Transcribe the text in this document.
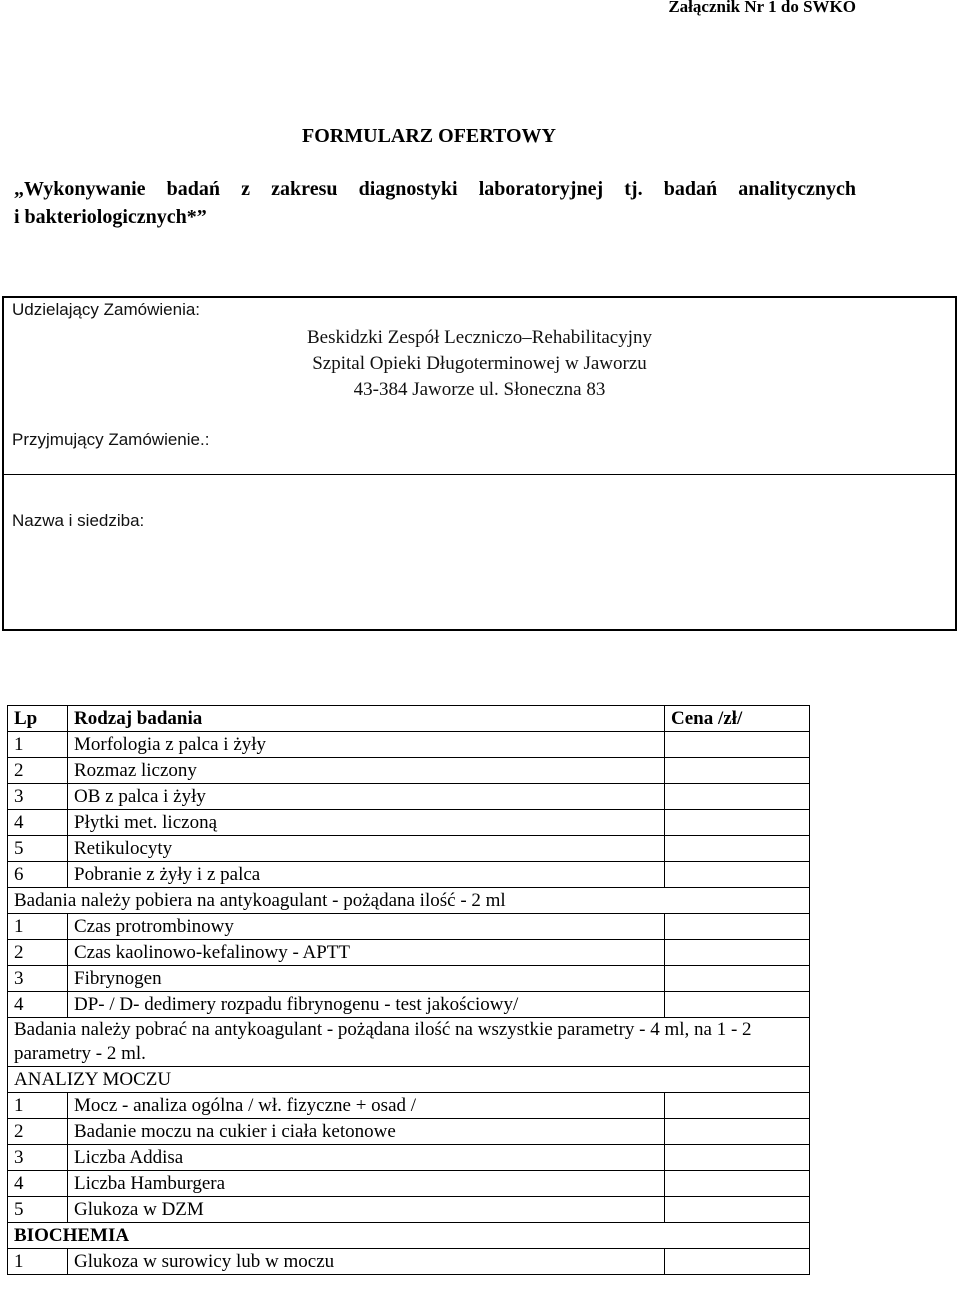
Załącznik Nr 1 do SWKO
FORMULARZ OFERTOWY
„Wykonywanie badań z zakresu diagnostyki laboratoryjnej tj. badań analitycznych
i bakteriologicznych*”
Udzielający Zamówienia:
Beskidzki Zespół Leczniczo–Rehabilitacyjny
Szpital Opieki Długoterminowej w Jaworzu
43-384 Jaworze ul. Słoneczna 83
Przyjmujący Zamówienie.:
Nazwa i siedziba:
Lp	Rodzaj badania	Cena /zł/
1	Morfologia z palca i żyły	
2	Rozmaz liczony	
3	OB z palca i żyły	
4	Płytki met. liczoną	
5	Retikulocyty	
6	Pobranie z żyły i z palca	
Badania należy pobiera na antykoagulant - pożądana ilość - 2 ml		
1	Czas protrombinowy	
2	Czas kaolinowo-kefalinowy - APTT	
3	Fibrynogen	
4	DP- / D- dedimery rozpadu fibrynogenu - test jakościowy/	
Badania należy pobrać na antykoagulant - pożądana ilość na wszystkie parametry - 4 ml, na 1 - 2 parametry - 2 ml.		
ANALIZY MOCZU		
1	Mocz - analiza ogólna / wł. fizyczne + osad /	
2	Badanie moczu na cukier i ciała ketonowe	
3	Liczba Addisa	
4	Liczba Hamburgera	
5	Glukoza w DZM	
BIOCHEMIA		
1	Glukoza w surowicy lub w moczu	
